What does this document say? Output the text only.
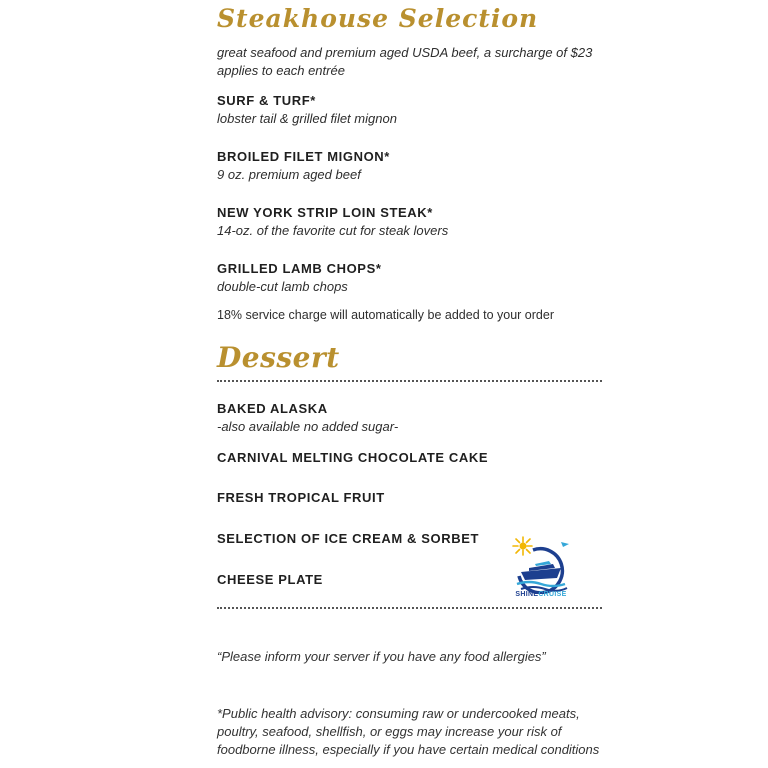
Steakhouse Selection

great seafood and premium aged USDA beef, a surcharge of $23 applies to each entrée

SURF & TURF*

lobster tail & grilled filet mignon

BROILED FILET MIGNON*

9 oz. premium aged beef

NEW YORK STRIP LOIN STEAK*

14-oz. of the favorite cut for steak lovers

GRILLED LAMB CHOPS*

double-cut lamb chops

18% service charge will automatically be added to your order

Dessert

BAKED ALASKA

-also available no added sugar-

CARNIVAL MELTING CHOCOLATE CAKE

FRESH TROPICAL FRUIT

SELECTION OF ICE CREAM & SORBET

CHEESE PLATE

SHINECRUISE

“Please inform your server if you have any food allergies”

*Public health advisory: consuming raw or undercooked meats, poultry, seafood, shellfish, or eggs may increase your risk of foodborne illness, especially if you have certain medical conditions
